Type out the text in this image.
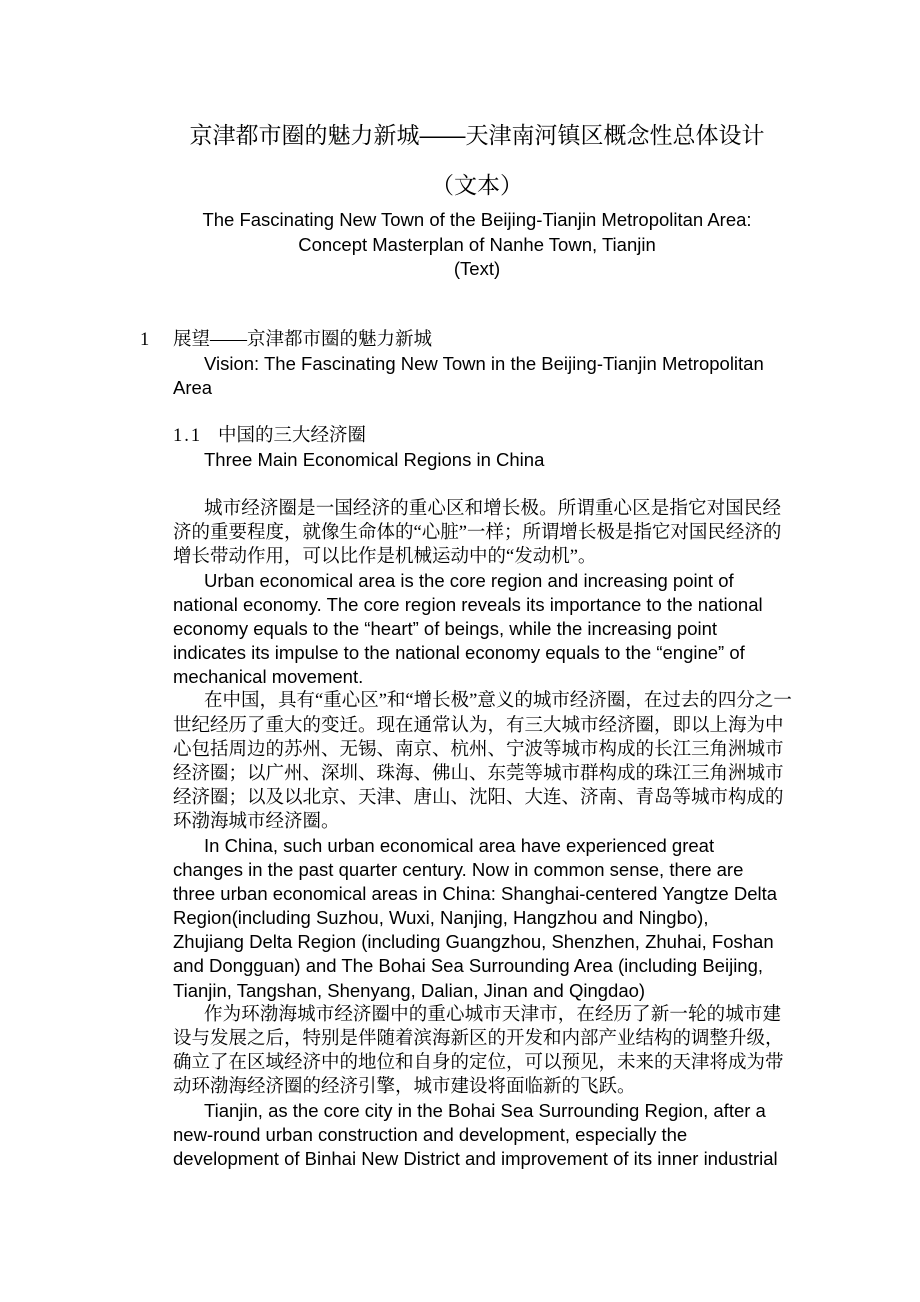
京津都市圈的魅力新城——天津南河镇区概念性总体设计
（文本）
The Fascinating New Town of the Beijing-Tianjin Metropolitan Area:
Concept Masterplan of Nanhe Town, Tianjin
(Text)
1 展望——京津都市圈的魅力新城
Vision: The Fascinating New Town in the Beijing-Tianjin Metropolitan Area
1.1 中国的三大经济圈
Three Main Economical Regions in China
城市经济圈是一国经济的重心区和增长极。所谓重心区是指它对国民经
济的重要程度，就像生命体的“心脏”一样；所谓增长极是指它对国民经济的
增长带动作用，可以比作是机械运动中的“发动机”。
Urban economical area is the core region and increasing point of
national economy. The core region reveals its importance to the national
economy equals to the “heart” of beings, while the increasing point
indicates its impulse to the national economy equals to the “engine” of
mechanical movement.
在中国，具有“重心区”和“增长极”意义的城市经济圈，在过去的四分之一
世纪经历了重大的变迁。现在通常认为，有三大城市经济圈，即以上海为中
心包括周边的苏州、无锡、南京、杭州、宁波等城市构成的长江三角洲城市
经济圈；以广州、深圳、珠海、佛山、东莞等城市群构成的珠江三角洲城市
经济圈；以及以北京、天津、唐山、沈阳、大连、济南、青岛等城市构成的
环渤海城市经济圈。
In China, such urban economical area have experienced great
changes in the past quarter century. Now in common sense, there are
three urban economical areas in China: Shanghai-centered Yangtze Delta
Region(including Suzhou, Wuxi, Nanjing, Hangzhou and Ningbo),
Zhujiang Delta Region (including Guangzhou, Shenzhen, Zhuhai, Foshan
and Dongguan) and The Bohai Sea Surrounding Area (including Beijing,
Tianjin, Tangshan, Shenyang, Dalian, Jinan and Qingdao)
作为环渤海城市经济圈中的重心城市天津市，在经历了新一轮的城市建
设与发展之后，特别是伴随着滨海新区的开发和内部产业结构的调整升级，
确立了在区域经济中的地位和自身的定位，可以预见，未来的天津将成为带
动环渤海经济圈的经济引擎，城市建设将面临新的飞跃。
Tianjin, as the core city in the Bohai Sea Surrounding Region, after a
new-round urban construction and development, especially the
development of Binhai New District and improvement of its inner industrial
